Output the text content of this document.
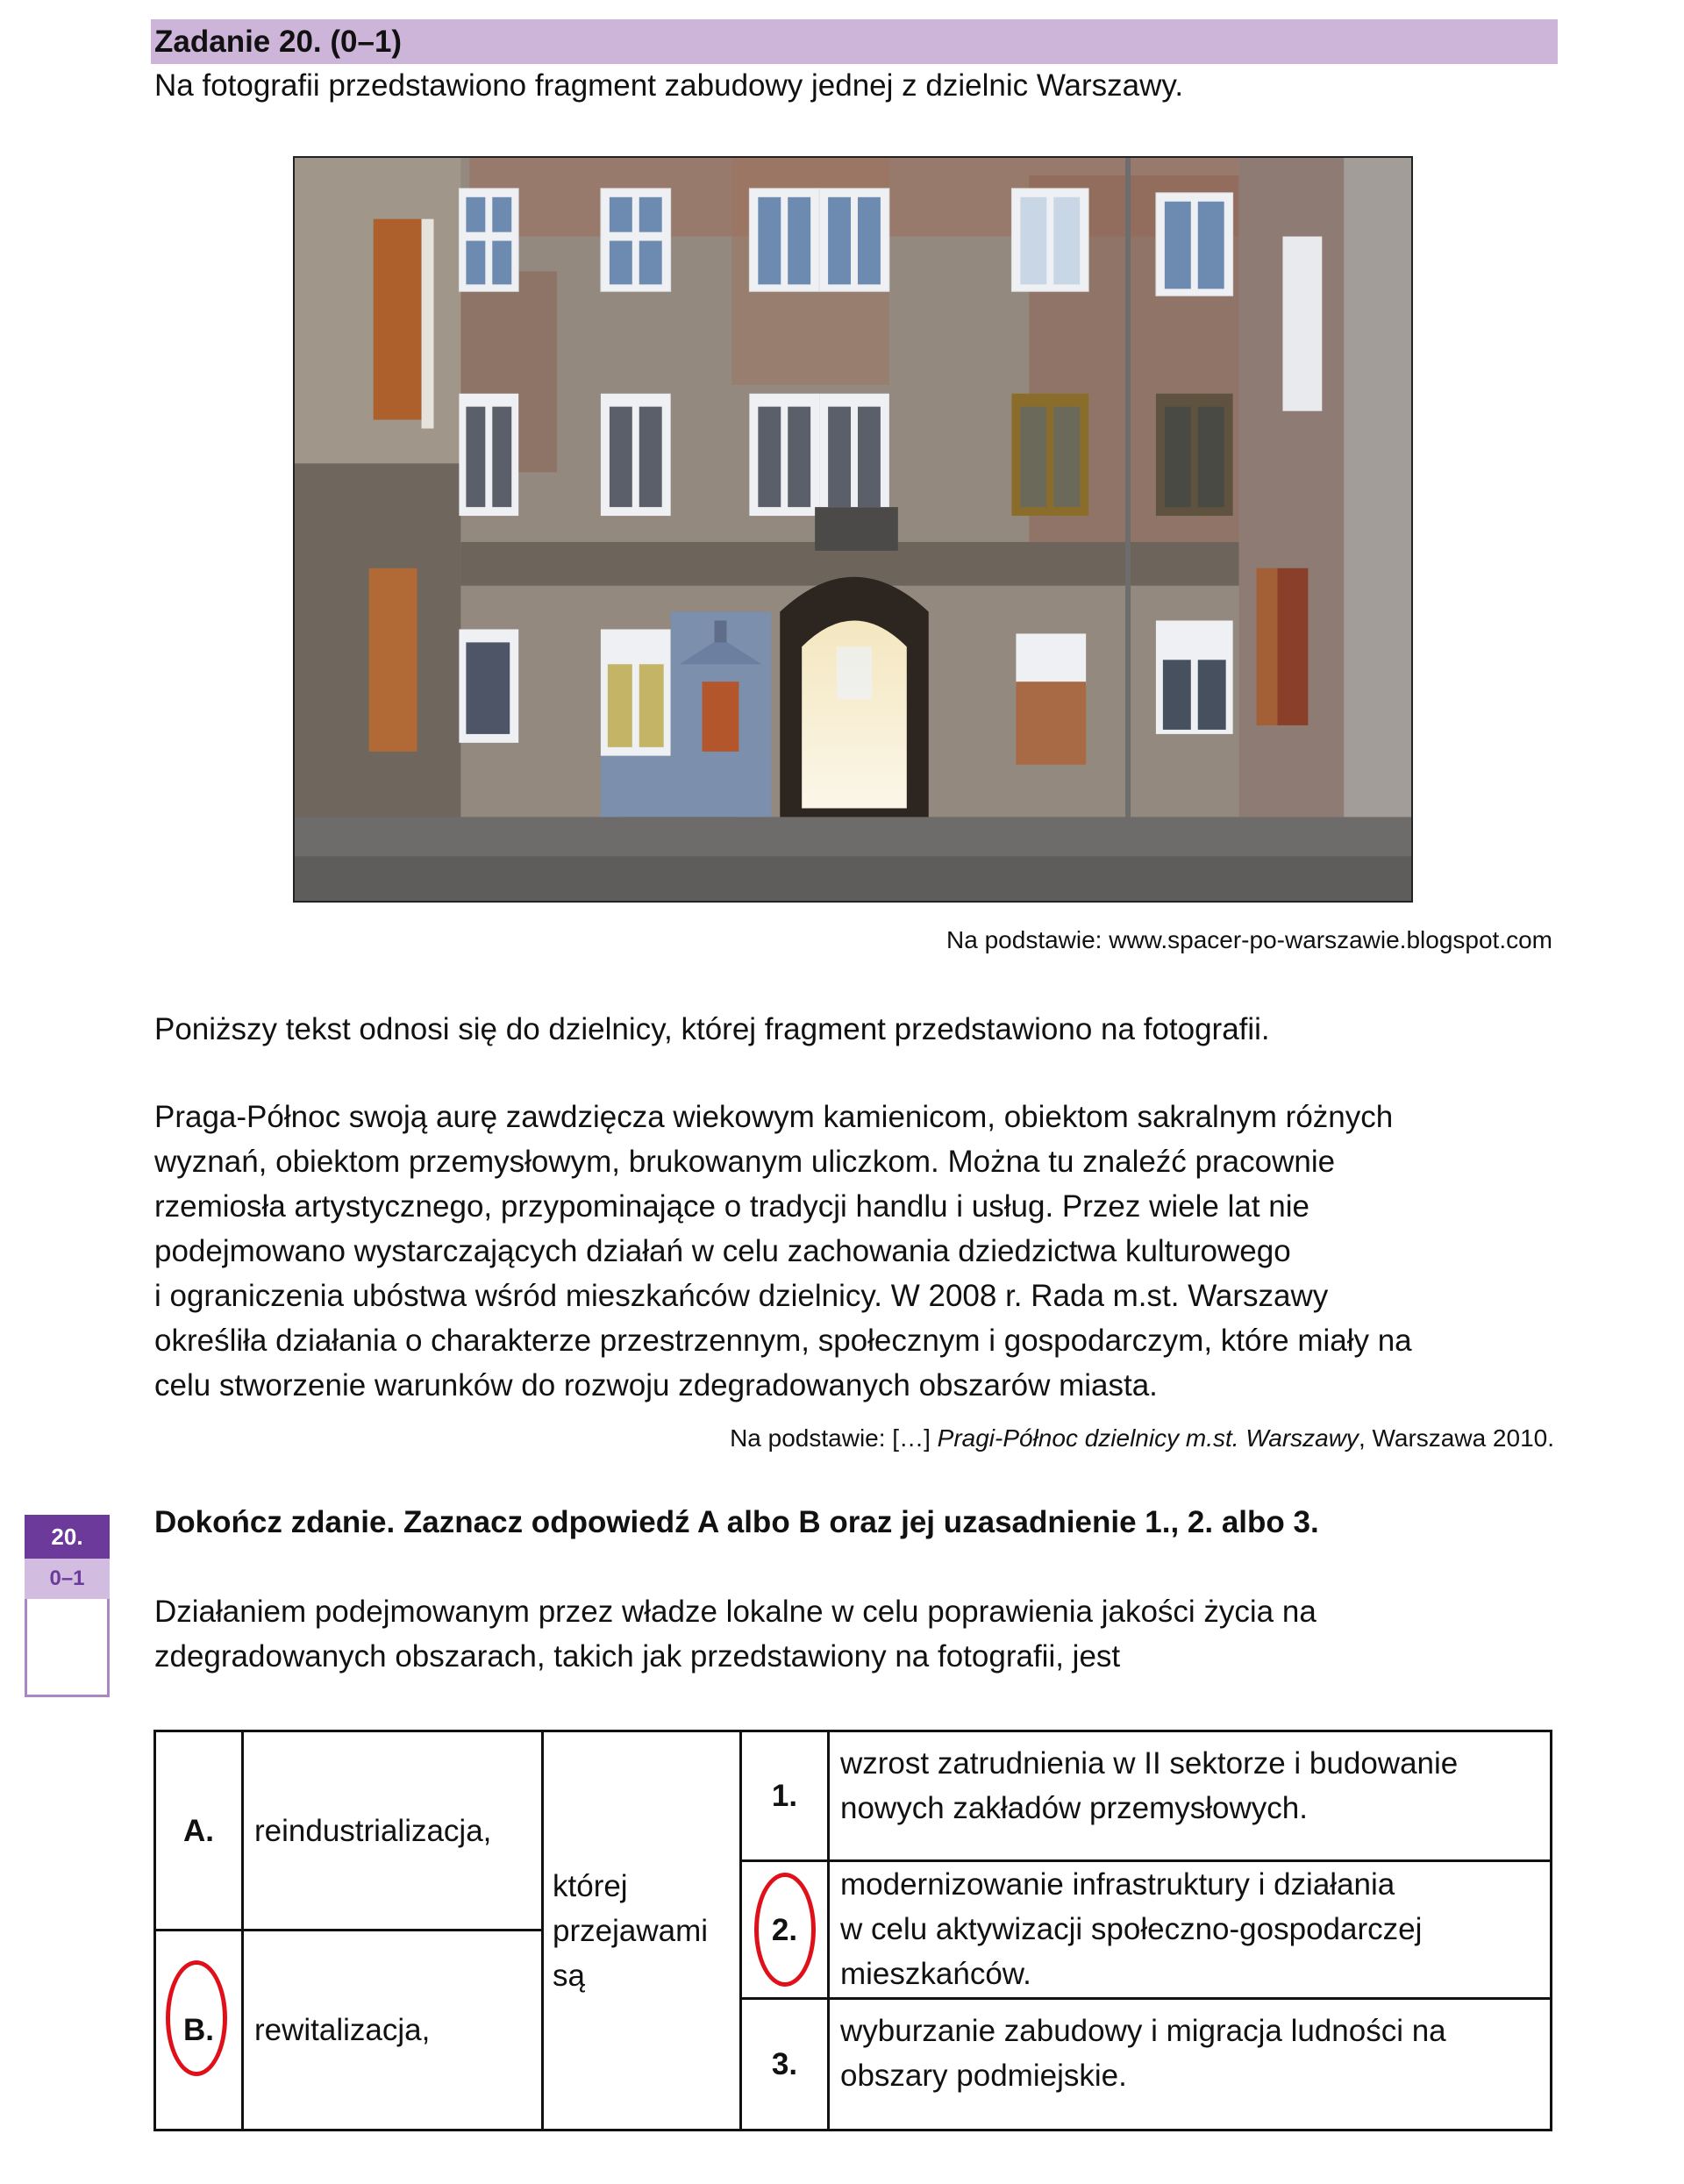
Zadanie 20. (0–1)
Na fotografii przedstawiono fragment zabudowy jednej z dzielnic Warszawy.
Na podstawie: www.spacer-po-warszawie.blogspot.com
Poniższy tekst odnosi się do dzielnicy, której fragment przedstawiono na fotografii.
Praga-Północ swoją aurę zawdzięcza wiekowym kamienicom, obiektom sakralnym różnych
wyznań, obiektom przemysłowym, brukowanym uliczkom. Można tu znaleźć pracownie
rzemiosła artystycznego, przypominające o tradycji handlu i usług. Przez wiele lat nie
podejmowano wystarczających działań w celu zachowania dziedzictwa kulturowego
i ograniczenia ubóstwa wśród mieszkańców dzielnicy. W 2008 r. Rada m.st. Warszawy
określiła działania o charakterze przestrzennym, społecznym i gospodarczym, które miały na
celu stworzenie warunków do rozwoju zdegradowanych obszarów miasta.
Na podstawie: […] Pragi-Północ dzielnicy m.st. Warszawy, Warszawa 2010.
20.
0–1
Dokończ zdanie. Zaznacz odpowiedź A albo B oraz jej uzasadnienie 1., 2. albo 3.
Działaniem podejmowanym przez władze lokalne w celu poprawienia jakości życia na
zdegradowanych obszarach, takich jak przedstawiony na fotografii, jest
A. reindustrializacja,
B. rewitalizacja,
której
przejawami
są
1.
wzrost zatrudnienia w II sektorze i budowanie
nowych zakładów przemysłowych.
2.
modernizowanie infrastruktury i działania
w celu aktywizacji społeczno-gospodarczej
mieszkańców.
3.
wyburzanie zabudowy i migracja ludności na
obszary podmiejskie.
